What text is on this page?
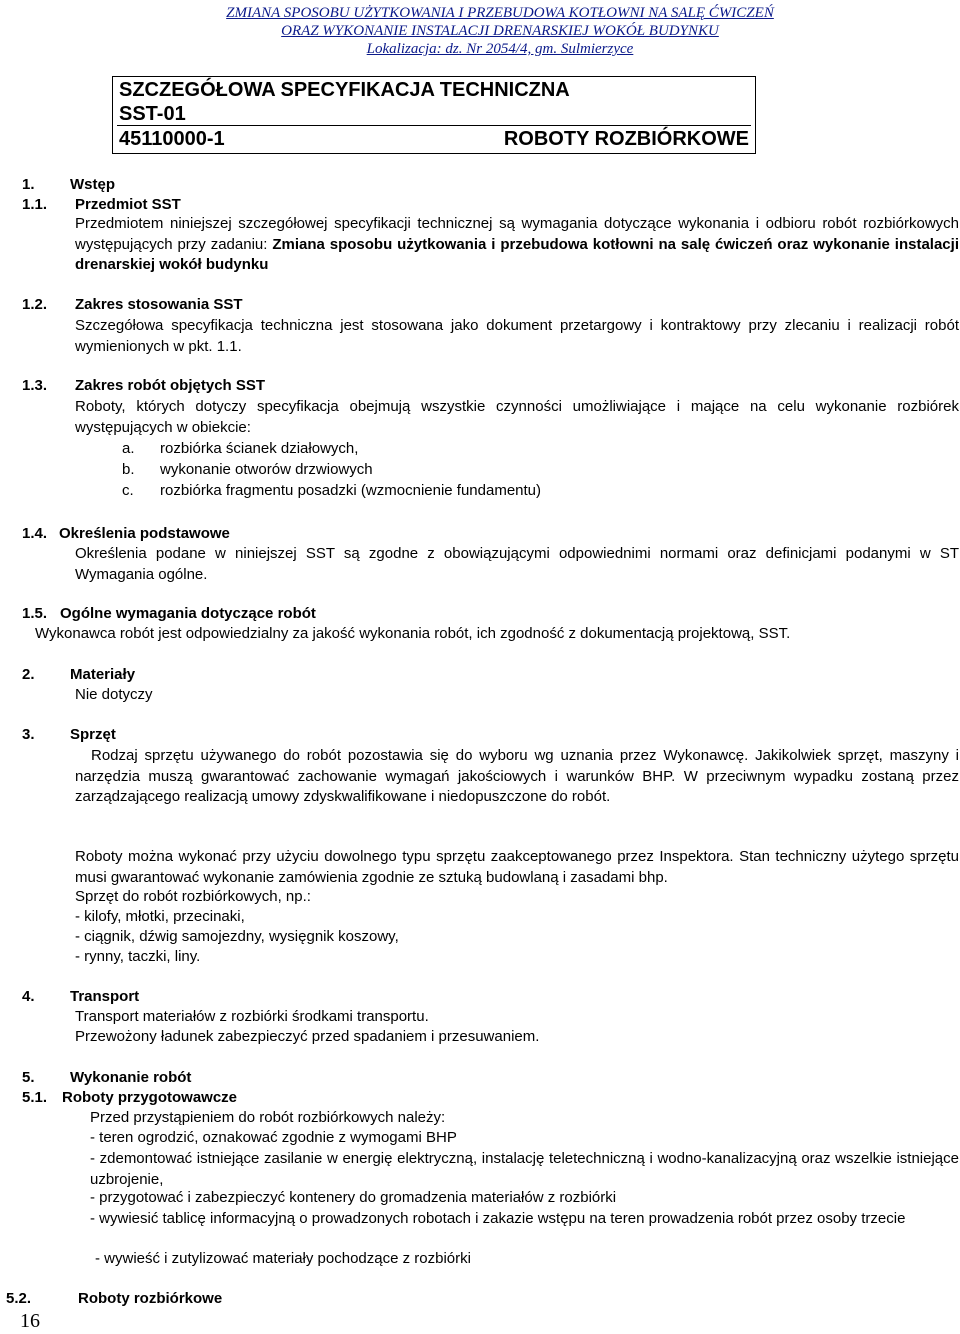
ZMIANA SPOSOBU UŻYTKOWANIA I PRZEBUDOWA KOTŁOWNI NA SALĘ ĆWICZEŃ
ORAZ WYKONANIE INSTALACJI DRENARSKIEJ WOKÓŁ BUDYNKU
Lokalizacja: dz. Nr 2054/4, gm. Sulmierzyce
SZCZEGÓŁOWA SPECYFIKACJA TECHNICZNA
SST-01
45110000-1	ROBOTY ROZBIÓRKOWE
1. Wstęp
1.1. Przedmiot SST
Przedmiotem niniejszej szczegółowej specyfikacji technicznej są wymagania dotyczące wykonania i odbioru robót rozbiórkowych występujących przy zadaniu: Zmiana sposobu użytkowania i przebudowa kotłowni na salę ćwiczeń oraz wykonanie instalacji drenarskiej wokół budynku
1.2. Zakres stosowania SST
Szczegółowa specyfikacja techniczna jest stosowana jako dokument przetargowy i kontraktowy przy zlecaniu i realizacji robót wymienionych w pkt. 1.1.
1.3. Zakres robót objętych SST
Roboty, których dotyczy specyfikacja obejmują wszystkie czynności umożliwiające i mające na celu wykonanie rozbiórek występujących w obiekcie:
a. rozbiórka ścianek działowych,
b. wykonanie otworów drzwiowych
c. rozbiórka fragmentu posadzki (wzmocnienie fundamentu)
1.4. Określenia podstawowe
Określenia podane w niniejszej SST są zgodne z obowiązującymi odpowiednimi normami oraz definicjami podanymi w ST Wymagania ogólne.
1.5. Ogólne wymagania dotyczące robót
Wykonawca robót jest odpowiedzialny za jakość wykonania robót, ich zgodność z dokumentacją projektową, SST.
2. Materiały
Nie dotyczy
3. Sprzęt
Rodzaj sprzętu używanego do robót pozostawia się do wyboru wg uznania przez Wykonawcę. Jakikolwiek sprzęt, maszyny i narzędzia muszą gwarantować zachowanie wymagań jakościowych i warunków BHP. W przeciwnym wypadku zostaną przez zarządzającego realizacją umowy zdyskwalifikowane i niedopuszczone do robót.
Roboty można wykonać przy użyciu dowolnego typu sprzętu zaakceptowanego przez Inspektora. Stan techniczny użytego sprzętu musi gwarantować wykonanie zamówienia zgodnie ze sztuką budowlaną i zasadami bhp.
Sprzęt do robót rozbiórkowych, np.:
- kilofy, młotki, przecinaki,
- ciągnik, dźwig samojezdny, wysięgnik koszowy,
- rynny, taczki, liny.
4. Transport
Transport materiałów z rozbiórki środkami transportu.
Przewożony ładunek zabezpieczyć przed spadaniem i przesuwaniem.
5. Wykonanie robót
5.1. Roboty przygotowawcze
Przed przystąpieniem do robót rozbiórkowych należy:
- teren ogrodzić, oznakować zgodnie z wymogami BHP
- zdemontować istniejące zasilanie w energię elektryczną, instalację teletechniczną i wodno-kanalizacyjną oraz wszelkie istniejące uzbrojenie,
- przygotować i zabezpieczyć kontenery do gromadzenia materiałów z rozbiórki
- wywiesić tablicę informacyjną o prowadzonych robotach i zakazie wstępu na teren prowadzenia robót przez osoby trzecie
- wywieść i zutylizować materiały pochodzące z rozbiórki
5.2.	Roboty rozbiórkowe
16
